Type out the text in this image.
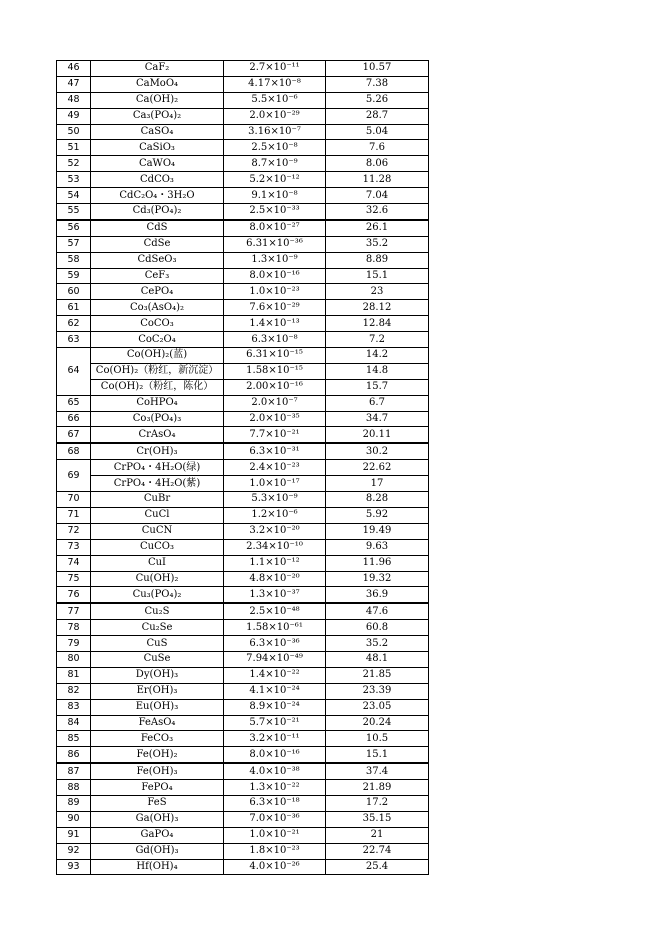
46	CaF₂	2.7×10⁻¹¹	10.57
47	CaMoO₄	4.17×10⁻⁸	7.38
48	Ca(OH)₂	5.5×10⁻⁶	5.26
49	Ca₃(PO₄)₂	2.0×10⁻²⁹	28.7
50	CaSO₄	3.16×10⁻⁷	5.04
51	CaSiO₃	2.5×10⁻⁸	7.6
52	CaWO₄	8.7×10⁻⁹	8.06
53	CdCO₃	5.2×10⁻¹²	11.28
54	CdC₂O₄・3H₂O	9.1×10⁻⁸	7.04
55	Cd₃(PO₄)₂	2.5×10⁻³³	32.6
56	CdS	8.0×10⁻²⁷	26.1
57	CdSe	6.31×10⁻³⁶	35.2
58	CdSeO₃	1.3×10⁻⁹	8.89
59	CeF₃	8.0×10⁻¹⁶	15.1
60	CePO₄	1.0×10⁻²³	23
61	Co₃(AsO₄)₂	7.6×10⁻²⁹	28.12
62	CoCO₃	1.4×10⁻¹³	12.84
63	CoC₂O₄	6.3×10⁻⁸	7.2
64	Co(OH)₂(蓝)	6.31×10⁻¹⁵	14.2
	Co(OH)₂（粉红，新沉淀）	1.58×10⁻¹⁵	14.8
	Co(OH)₂（粉红，陈化）	2.00×10⁻¹⁶	15.7
65	CoHPO₄	2.0×10⁻⁷	6.7
66	Co₃(PO₄)₃	2.0×10⁻³⁵	34.7
67	CrAsO₄	7.7×10⁻²¹	20.11
68	Cr(OH)₃	6.3×10⁻³¹	30.2
69	CrPO₄・4H₂O(绿)	2.4×10⁻²³	22.62
	CrPO₄・4H₂O(紫)	1.0×10⁻¹⁷	17
70	CuBr	5.3×10⁻⁹	8.28
71	CuCl	1.2×10⁻⁶	5.92
72	CuCN	3.2×10⁻²⁰	19.49
73	CuCO₃	2.34×10⁻¹⁰	9.63
74	CuI	1.1×10⁻¹²	11.96
75	Cu(OH)₂	4.8×10⁻²⁰	19.32
76	Cu₃(PO₄)₂	1.3×10⁻³⁷	36.9
77	Cu₂S	2.5×10⁻⁴⁸	47.6
78	Cu₂Se	1.58×10⁻⁶¹	60.8
79	CuS	6.3×10⁻³⁶	35.2
80	CuSe	7.94×10⁻⁴⁹	48.1
81	Dy(OH)₃	1.4×10⁻²²	21.85
82	Er(OH)₃	4.1×10⁻²⁴	23.39
83	Eu(OH)₃	8.9×10⁻²⁴	23.05
84	FeAsO₄	5.7×10⁻²¹	20.24
85	FeCO₃	3.2×10⁻¹¹	10.5
86	Fe(OH)₂	8.0×10⁻¹⁶	15.1
87	Fe(OH)₃	4.0×10⁻³⁸	37.4
88	FePO₄	1.3×10⁻²²	21.89
89	FeS	6.3×10⁻¹⁸	17.2
90	Ga(OH)₃	7.0×10⁻³⁶	35.15
91	GaPO₄	1.0×10⁻²¹	21
92	Gd(OH)₃	1.8×10⁻²³	22.74
93	Hf(OH)₄	4.0×10⁻²⁶	25.4
